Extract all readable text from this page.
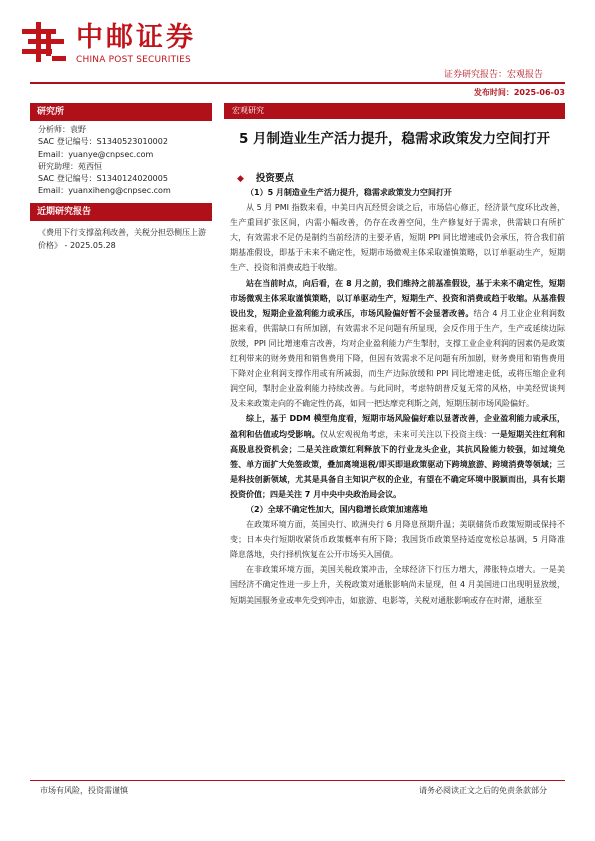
中邮证券
CHINA POST SECURITIES
证券研究报告：宏观报告
发布时间：2025-06-03
研究所
分析师：袁野
SAC 登记编号：S1340523010002
Email：yuanye@cnpsec.com
研究助理：苑西恒
SAC 登记编号：S1340124020005
Email：yuanxiheng@cnpsec.com
近期研究报告
《费用下行支撑盈利改善，关税分担恐侧压上游价格》 - 2025.05.28
宏观研究
5 月制造业生产活力提升，稳需求政策发力空间打开
◆ 投资要点

（1）5 月制造业生产活力提升，稳需求政策发力空间打开

从 5 月 PMI 指数来看，中美日内瓦经贸会谈之后，市场信心修正，经济景气度环比改善，生产重回扩张区间，内需小幅改善，仍存在改善空间，生产修复好于需求，供需缺口有所扩大，有效需求不足仍是制约当前经济的主要矛盾，短期 PPI 同比增速或仍会承压，符合我们前期基准假设，即基于未来不确定性，短期市场微观主体采取谨慎策略，以订单驱动生产，短期生产、投资和消费或趋于收缩。

站在当前时点，向后看，在 8 月之前，我们维持之前基准假设，基于未来不确定性，短期市场微观主体采取谨慎策略，以订单驱动生产，短期生产、投资和消费或趋于收缩。从基准假设出发，短期企业盈利能力或承压，市场风险偏好暂不会显著改善。结合 4 月工业企业利润数据来看，供需缺口有所加剧，有效需求不足问题有所显现，会反作用于生产，生产或延续边际放缓，PPI 同比增速难言改善，均对企业盈利能力产生掣肘，支撑工业企业利润的因素仍是政策红利带来的财务费用和销售费用下降，但因有效需求不足问题有所加剧，财务费用和销售费用下降对企业利润支撑作用或有所减弱，而生产边际放缓和 PPI 同比增速走低，或将压缩企业利润空间，掣肘企业盈利能力持续改善。与此同时，考虑特朗普反复无常的风格，中美经贸谈判及未来政策走向的不确定性仍高，如同一把达摩克利斯之剑，短期压制市场风险偏好。

综上，基于 DDM 模型角度看，短期市场风险偏好难以显著改善，企业盈利能力或承压，盈利和估值或均受影响。仅从宏观视角考虑，未来可关注以下投资主线：一是短期关注红利和高股息投资机会；二是关注政策红利释放下的行业龙头企业，其抗风险能力较强，如过境免签、单方面扩大免签政策，叠加离境退税/即买即退政策驱动下跨境旅游、跨境消费等领域；三是科技创新领域，尤其是具备自主知识产权的企业，有望在不确定环境中脱颖而出，具有长期投资价值；四是关注 7 月中央中央政治局会议。

（2）全球不确定性加大，国内稳增长政策加速落地

在政策环境方面，英国央行、欧洲央行 6 月降息预期升温；美联储货币政策短期或保持不变；日本央行短期收紧货币政策概率有所下降；我国货币政策坚持适度宽松总基调，5 月降准降息落地，央行择机恢复在公开市场买入国债。

在非政策环境方面，美国关税政策冲击，全球经济下行压力增大，滞胀特点增大。一是美国经济不确定性进一步上升，关税政策对通胀影响尚未显现，但 4 月美国进口出现明显放缓，短期美国服务业或率先受到冲击，如旅游、电影等，关税对通胀影响或存在时滞，通胀至

市场有风险，投资需谨慎	请务必阅读正文之后的免责条款部分
